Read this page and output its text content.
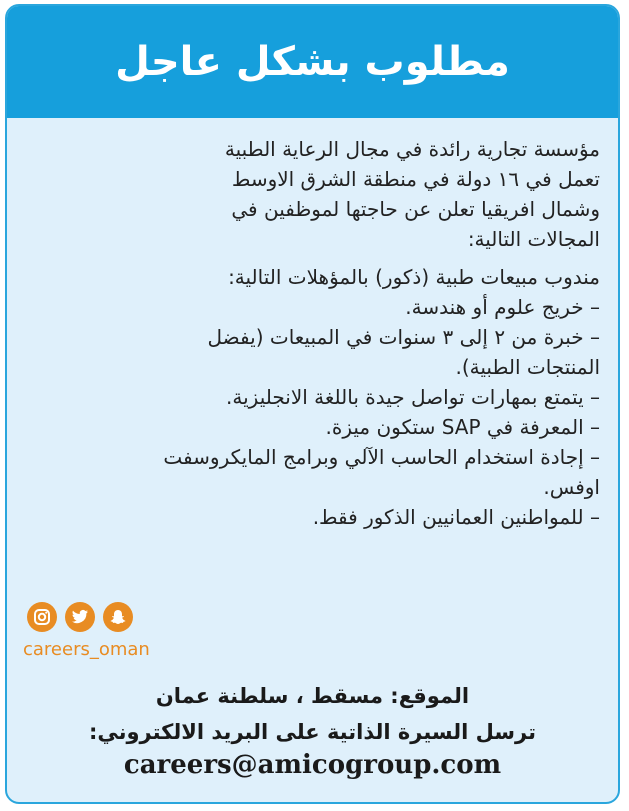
مطلوب بشكل عاجل

مؤسسة تجارية رائدة في مجال الرعاية الطبية
تعمل في ١٦ دولة في منطقة الشرق الاوسط
وشمال افريقيا تعلن عن حاجتها لموظفين في
المجالات التالية:

مندوب مبيعات طبية (ذكور) بالمؤهلات التالية:
– خريج علوم أو هندسة.
– خبرة من ٢ إلى ٣ سنوات في المبيعات (يفضل
المنتجات الطبية).
– يتمتع بمهارات تواصل جيدة باللغة الانجليزية.
– المعرفة في SAP ستكون ميزة.
– إجادة استخدام الحاسب الآلي وبرامج المايكروسفت
اوفس.
– للمواطنين العمانيين الذكور فقط.

careers_oman
الموقع: مسقط ، سلطنة عمان
ترسل السيرة الذاتية على البريد الالكتروني:
careers@amicogroup.com
